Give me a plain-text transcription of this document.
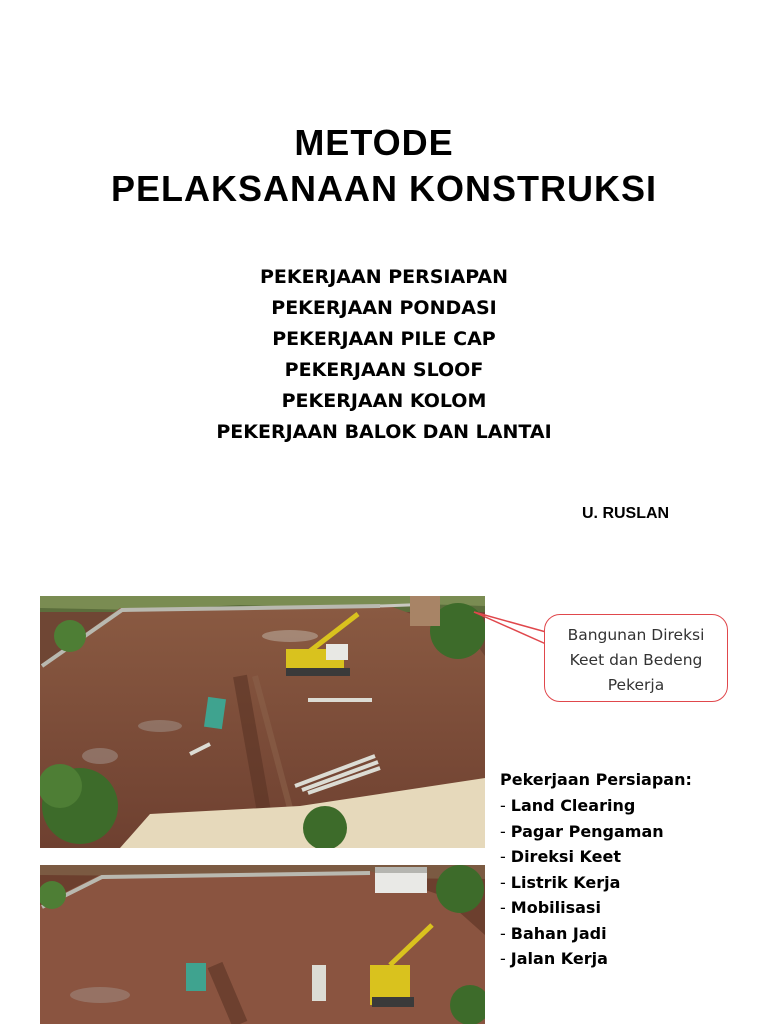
METODE
PELAKSANAAN KONSTRUKSI
PEKERJAAN PERSIAPAN
PEKERJAAN PONDASI
PEKERJAAN PILE CAP
PEKERJAAN SLOOF
PEKERJAAN KOLOM
PEKERJAAN BALOK DAN LANTAI
U. RUSLAN
Bangunan Direksi
Keet dan Bedeng
Pekerja
Pekerjaan Persiapan:
- Land Clearing
- Pagar Pengaman
- Direksi Keet
- Listrik Kerja
- Mobilisasi
- Bahan Jadi
- Jalan Kerja
